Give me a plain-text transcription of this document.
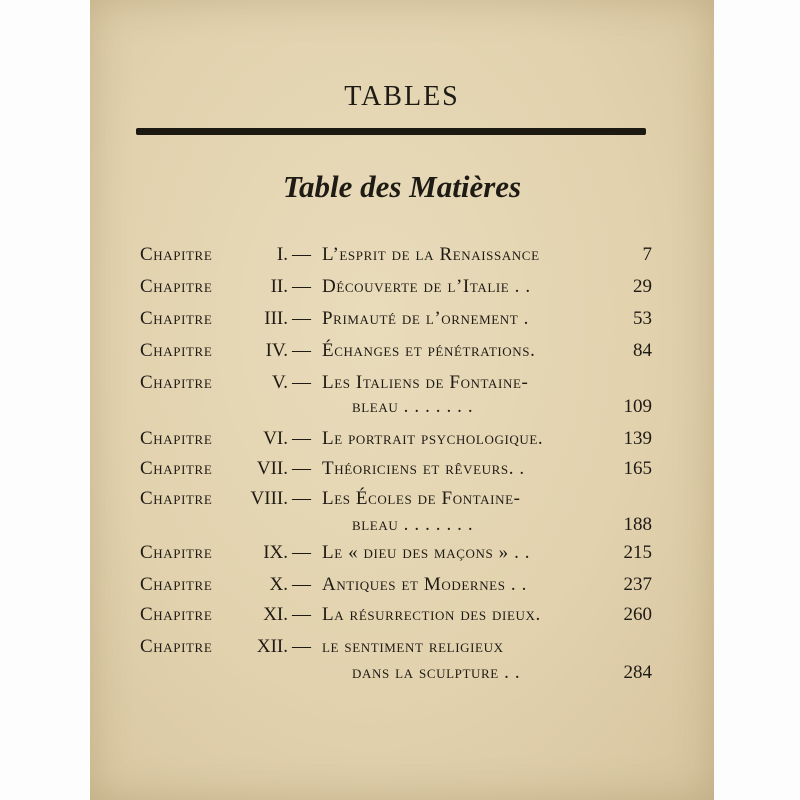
TABLES
Table des Matières
Chapitre	I. — L’esprit de la Renaissance	7
Chapitre	II. — Découverte de l’Italie . .	29
Chapitre	III. — Primauté de l’ornement .	53
Chapitre	IV. — Échanges et pénétrations.	84
Chapitre	V. — Les Italiens de Fontaine-
bleau . . . . . . .	109
Chapitre	VI. — Le portrait psychologique.	139
Chapitre	VII. — Théoriciens et rêveurs. .	165
Chapitre	VIII. — Les Écoles de Fontaine-
bleau . . . . . . .	188
Chapitre	IX. — Le « dieu des maçons » . .	215
Chapitre	X. — Antiques et Modernes . .	237
Chapitre	XI. — La résurrection des dieux.	260
Chapitre	XII. — le sentiment religieux
dans la sculpture . .	284
